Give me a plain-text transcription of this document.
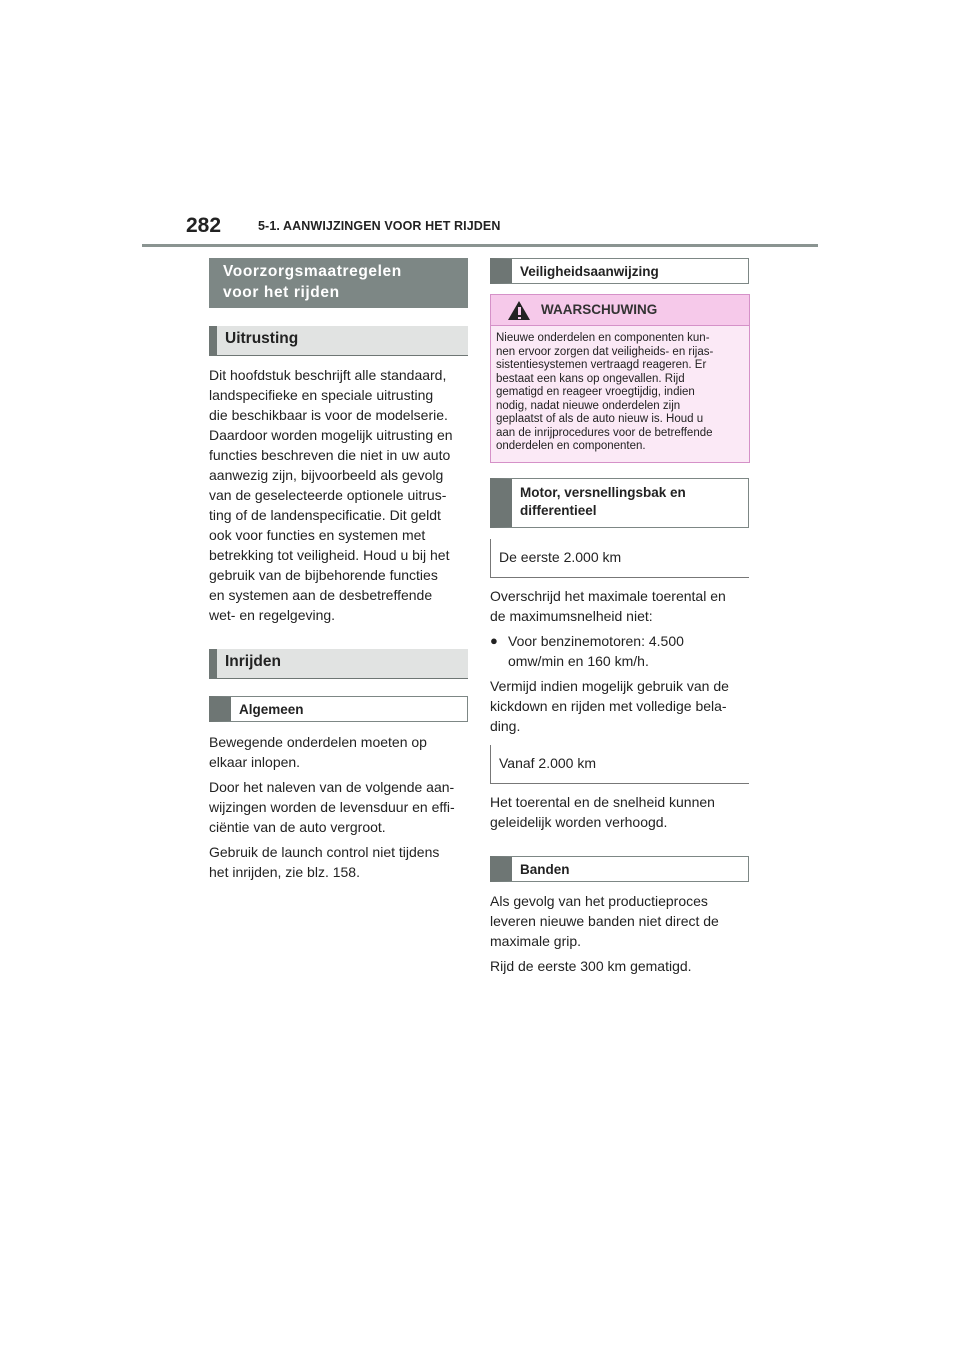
282	5-1. AANWIJZINGEN VOOR HET RIJDEN
Voorzorgsmaatregelen
voor het rijden
Uitrusting

Dit hoofdstuk beschrijft alle standaard,
landspecifieke en speciale uitrusting
die beschikbaar is voor de modelserie.
Daardoor worden mogelijk uitrusting en
functies beschreven die niet in uw auto
aanwezig zijn, bijvoorbeeld als gevolg
van de geselecteerde optionele uitrus-
ting of de landenspecificatie. Dit geldt
ook voor functies en systemen met
betrekking tot veiligheid. Houd u bij het
gebruik van de bijbehorende functies
en systemen aan de desbetreffende
wet- en regelgeving.

Inrijden
Algemeen

Bewegende onderdelen moeten op
elkaar inlopen.

Door het naleven van de volgende aan-
wijzingen worden de levensduur en effi-
ciëntie van de auto vergroot.

Gebruik de launch control niet tijdens
het inrijden, zie blz. 158.

Veiligheidsaanwijzing
WAARSCHUWING
Nieuwe onderdelen en componenten kun-
nen ervoor zorgen dat veiligheids- en rijas-
sistentiesystemen vertraagd reageren. Er
bestaat een kans op ongevallen. Rijd
gematigd en reageer vroegtijdig, indien
nodig, nadat nieuwe onderdelen zijn
geplaatst of als de auto nieuw is. Houd u
aan de inrijprocedures voor de betreffende
onderdelen en componenten.
Motor, versnellingsbak en
differentieel
De eerste 2.000 km

Overschrijd het maximale toerental en
de maximumsnelheid niet:

● Voor benzinemotoren: 4.500
omw/min en 160 km/h.

Vermijd indien mogelijk gebruik van de
kickdown en rijden met volledige bela-
ding.

Vanaf 2.000 km

Het toerental en de snelheid kunnen
geleidelijk worden verhoogd.

Banden

Als gevolg van het productieproces
leveren nieuwe banden niet direct de
maximale grip.

Rijd de eerste 300 km gematigd.
